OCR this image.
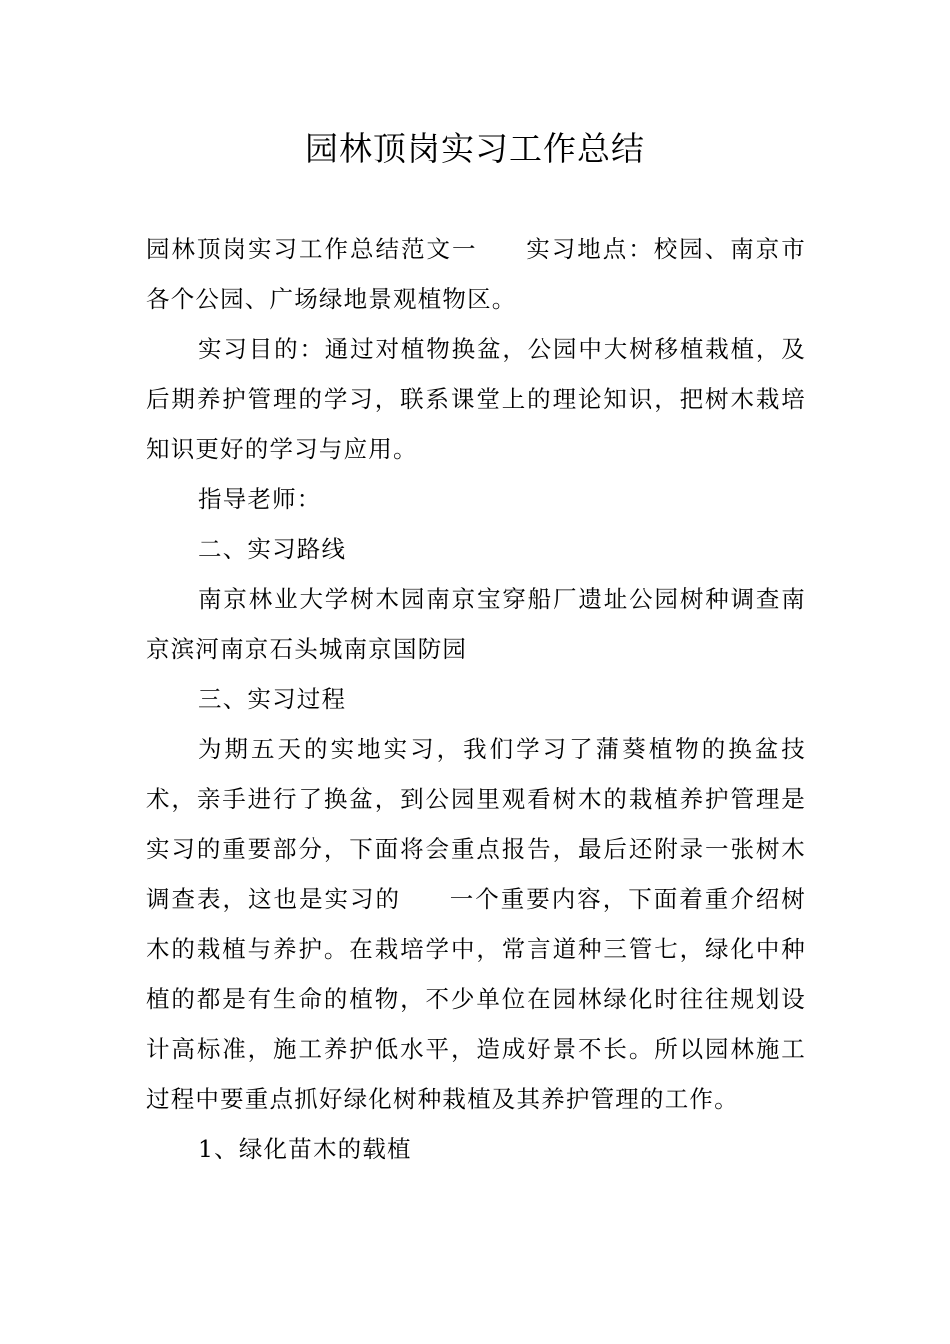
园林顶岗实习工作总结

园林顶岗实习工作总结范文一 实习地点：校园、南京市各个公园、广场绿地景观植物区。

实习目的：通过对植物换盆，公园中大树移植栽植，及后期养护管理的学习，联系课堂上的理论知识，把树木栽培知识更好的学习与应用。

指导老师：

二、实习路线

南京林业大学树木园南京宝穿船厂遗址公园树种调查南京滨河南京石头城南京国防园

三、实习过程

为期五天的实地实习，我们学习了蒲葵植物的换盆技术，亲手进行了换盆，到公园里观看树木的栽植养护管理是实习的重要部分，下面将会重点报告，最后还附录一张树木调查表，这也是实习的 一个重要内容，下面着重介绍树木的栽植与养护。在栽培学中，常言道种三管七，绿化中种植的都是有生命的植物，不少单位在园林绿化时往往规划设计高标准，施工养护低水平，造成好景不长。所以园林施工过程中要重点抓好绿化树种栽植及其养护管理的工作。

1、绿化苗木的载植
